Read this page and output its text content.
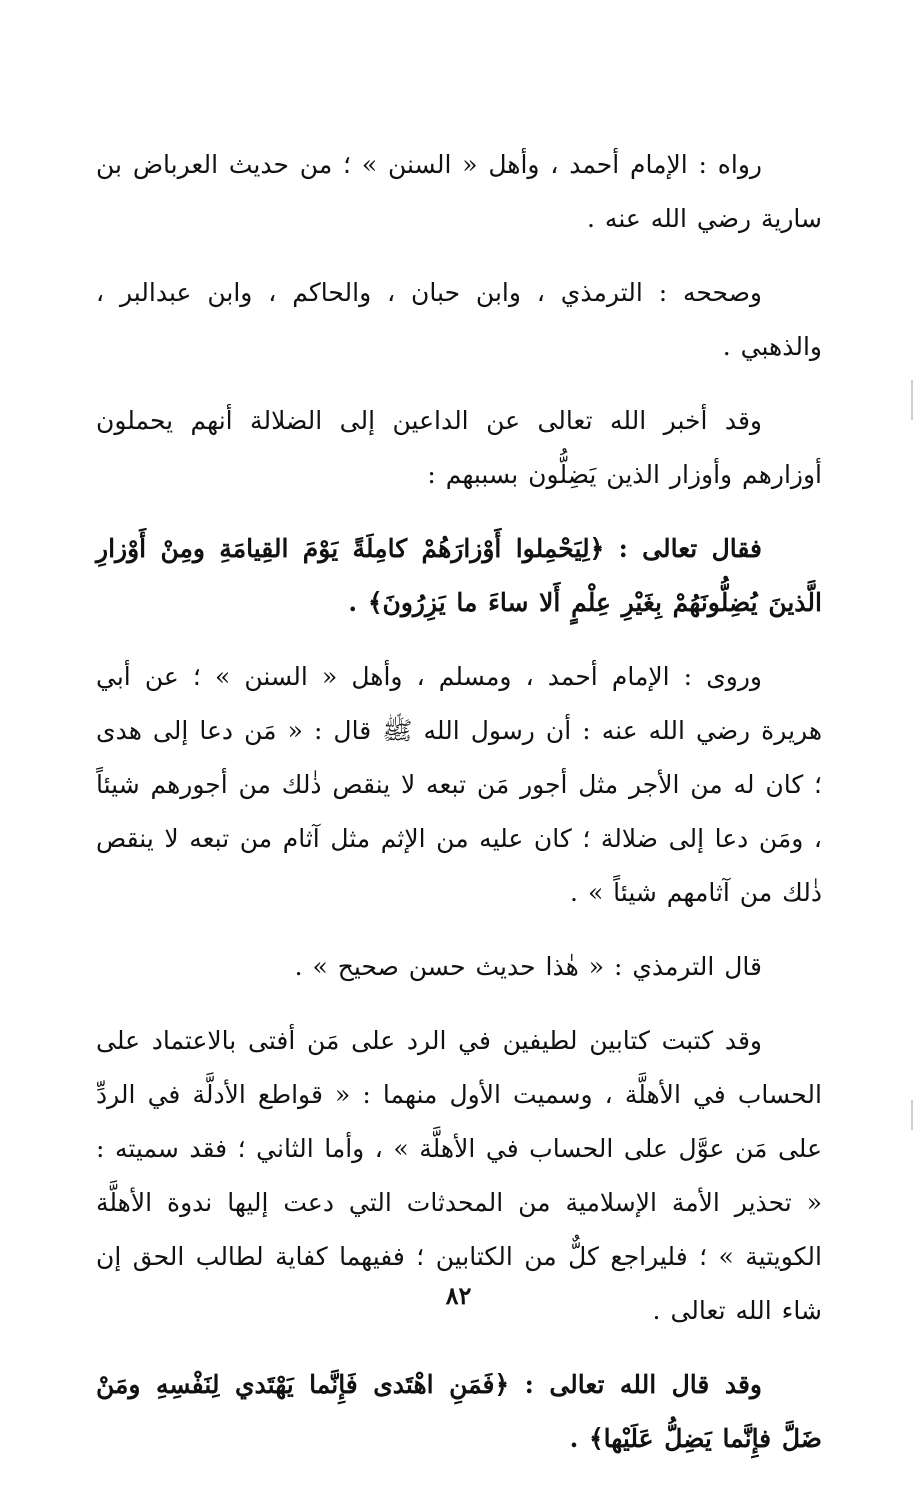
رواه : الإمام أحمد ، وأهل « السنن » ؛ من حديث العرباض بن سارية رضي الله عنه .

وصححه : الترمذي ، وابن حبان ، والحاكم ، وابن عبدالبر ، والذهبي .

وقد أخبر الله تعالى عن الداعين إلى الضلالة أنهم يحملون أوزارهم وأوزار الذين يَضِلُّون بسببهم :

فقال تعالى : ﴿لِيَحْمِلوا أَوْزارَهُمْ كامِلَةً يَوْمَ القِيامَةِ ومِنْ أَوْزارِ الَّذينَ يُضِلُّونَهُمْ بِغَيْرِ عِلْمٍ أَلا ساءَ ما يَزِرُونَ﴾ .

وروى : الإمام أحمد ، ومسلم ، وأهل « السنن » ؛ عن أبي هريرة رضي الله عنه : أن رسول الله ﷺ قال : « مَن دعا إلى هدى ؛ كان له من الأجر مثل أجور مَن تبعه لا ينقص ذٰلك من أجورهم شيئاً ، ومَن دعا إلى ضلالة ؛ كان عليه من الإثم مثل آثام من تبعه لا ينقص ذٰلك من آثامهم شيئاً » .

قال الترمذي : « هٰذا حديث حسن صحيح » .

وقد كتبت كتابين لطيفين في الرد على مَن أفتى بالاعتماد على الحساب في الأهلَّة ، وسميت الأول منهما : « قواطع الأدلَّة في الردِّ على مَن عوَّل على الحساب في الأهلَّة » ، وأما الثاني ؛ فقد سميته : « تحذير الأمة الإسلامية من المحدثات التي دعت إليها ندوة الأهلَّة الكويتية » ؛ فليراجع كلٌّ من الكتابين ؛ ففيهما كفاية لطالب الحق إن شاء الله تعالى .

وقد قال الله تعالى : ﴿فَمَنِ اهْتَدى فَإِنَّما يَهْتَدي لِنَفْسِهِ ومَنْ ضَلَّ فإِنَّما يَضِلُّ عَلَيْها﴾ .

٨٢
